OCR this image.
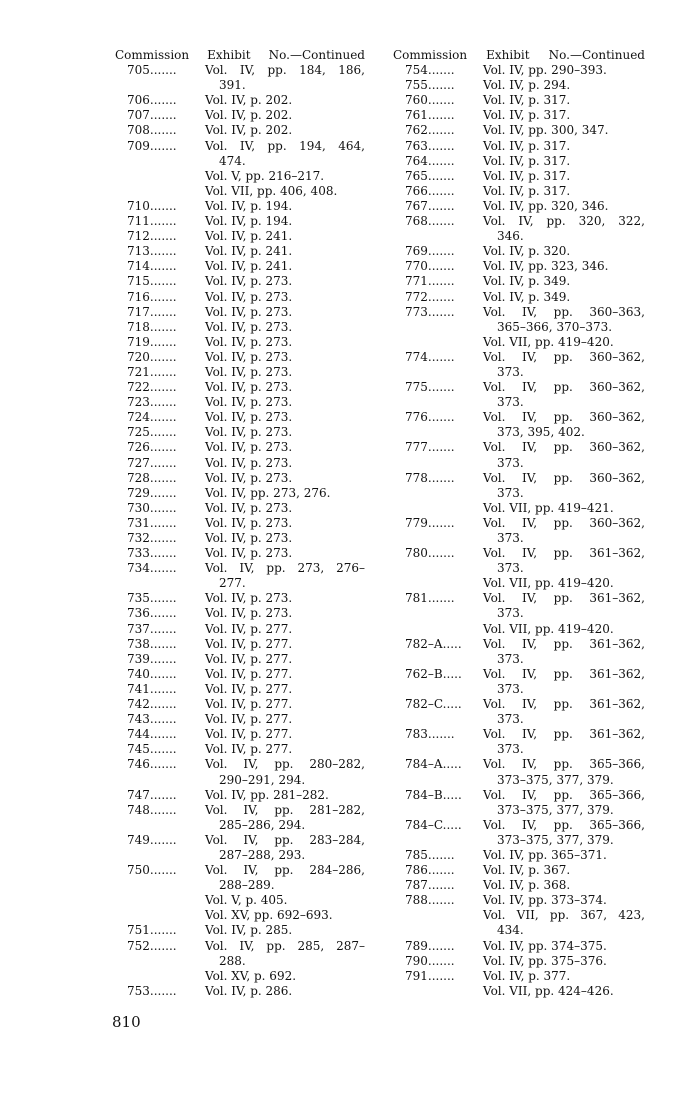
Commission Exhibit No.—Continued
705.......	Vol. IV, pp. 184, 186,
391.
706.......	Vol. IV, p. 202.
707.......	Vol. IV, p. 202.
708.......	Vol. IV, p. 202.
709.......	Vol. IV, pp. 194, 464,
474.
Vol. V, pp. 216–217.
Vol. VII, pp. 406, 408.
710.......	Vol. IV, p. 194.
711.......	Vol. IV, p. 194.
712.......	Vol. IV, p. 241.
713.......	Vol. IV, p. 241.
714.......	Vol. IV, p. 241.
715.......	Vol. IV, p. 273.
716.......	Vol. IV, p. 273.
717.......	Vol. IV, p. 273.
718.......	Vol. IV, p. 273.
719.......	Vol. IV, p. 273.
720.......	Vol. IV, p. 273.
721.......	Vol. IV, p. 273.
722.......	Vol. IV, p. 273.
723.......	Vol. IV, p. 273.
724.......	Vol. IV, p. 273.
725.......	Vol. IV, p. 273.
726.......	Vol. IV, p. 273.
727.......	Vol. IV, p. 273.
728.......	Vol. IV, p. 273.
729.......	Vol. IV, pp. 273, 276.
730.......	Vol. IV, p. 273.
731.......	Vol. IV, p. 273.
732.......	Vol. IV, p. 273.
733.......	Vol. IV, p. 273.
734.......	Vol. IV, pp. 273, 276–
277.
735.......	Vol. IV, p. 273.
736.......	Vol. IV, p. 273.
737.......	Vol. IV, p. 277.
738.......	Vol. IV, p. 277.
739.......	Vol. IV, p. 277.
740.......	Vol. IV, p. 277.
741.......	Vol. IV, p. 277.
742.......	Vol. IV, p. 277.
743.......	Vol. IV, p. 277.
744.......	Vol. IV, p. 277.
745.......	Vol. IV, p. 277.
746.......	Vol. IV, pp. 280–282,
290–291, 294.
747.......	Vol. IV, pp. 281–282.
748.......	Vol. IV, pp. 281–282,
285–286, 294.
749.......	Vol. IV, pp. 283–284,
287–288, 293.
750.......	Vol. IV, pp. 284–286,
288–289.
Vol. V, p. 405.
Vol. XV, pp. 692–693.
751.......	Vol. IV, p. 285.
752.......	Vol. IV, pp. 285, 287–
288.
Vol. XV, p. 692.
753.......	Vol. IV, p. 286.
Commission Exhibit No.—Continued
754.......	Vol. IV, pp. 290–393.
755.......	Vol. IV, p. 294.
760.......	Vol. IV, p. 317.
761.......	Vol. IV, p. 317.
762.......	Vol. IV, pp. 300, 347.
763.......	Vol. IV, p. 317.
764.......	Vol. IV, p. 317.
765.......	Vol. IV, p. 317.
766.......	Vol. IV, p. 317.
767.......	Vol. IV, pp. 320, 346.
768.......	Vol. IV, pp. 320, 322,
346.
769.......	Vol. IV, p. 320.
770.......	Vol. IV, pp. 323, 346.
771.......	Vol. IV, p. 349.
772.......	Vol. IV, p. 349.
773.......	Vol. IV, pp. 360–363,
365–366, 370–373.
Vol. VII, pp. 419–420.
774.......	Vol. IV, pp. 360–362,
373.
775.......	Vol. IV, pp. 360–362,
373.
776.......	Vol. IV, pp. 360–362,
373, 395, 402.
777.......	Vol. IV, pp. 360–362,
373.
778.......	Vol. IV, pp. 360–362,
373.
Vol. VII, pp. 419–421.
779.......	Vol. IV, pp. 360–362,
373.
780.......	Vol. IV, pp. 361–362,
373.
Vol. VII, pp. 419–420.
781.......	Vol. IV, pp. 361–362,
373.
Vol. VII, pp. 419–420.
782–A.....	Vol. IV, pp. 361–362,
373.
762–B.....	Vol. IV, pp. 361–362,
373.
782–C.....	Vol. IV, pp. 361–362,
373.
783.......	Vol. IV, pp. 361–362,
373.
784–A.....	Vol. IV, pp. 365–366,
373–375, 377, 379.
784–B.....	Vol. IV, pp. 365–366,
373–375, 377, 379.
784–C.....	Vol. IV, pp. 365–366,
373–375, 377, 379.
785.......	Vol. IV, pp. 365–371.
786.......	Vol. IV, p. 367.
787.......	Vol. IV, p. 368.
788.......	Vol. IV, pp. 373–374.
Vol. VII, pp. 367, 423,
434.
789.......	Vol. IV, pp. 374–375.
790.......	Vol. IV, pp. 375–376.
791.......	Vol. IV, p. 377.
Vol. VII, pp. 424–426.
810
